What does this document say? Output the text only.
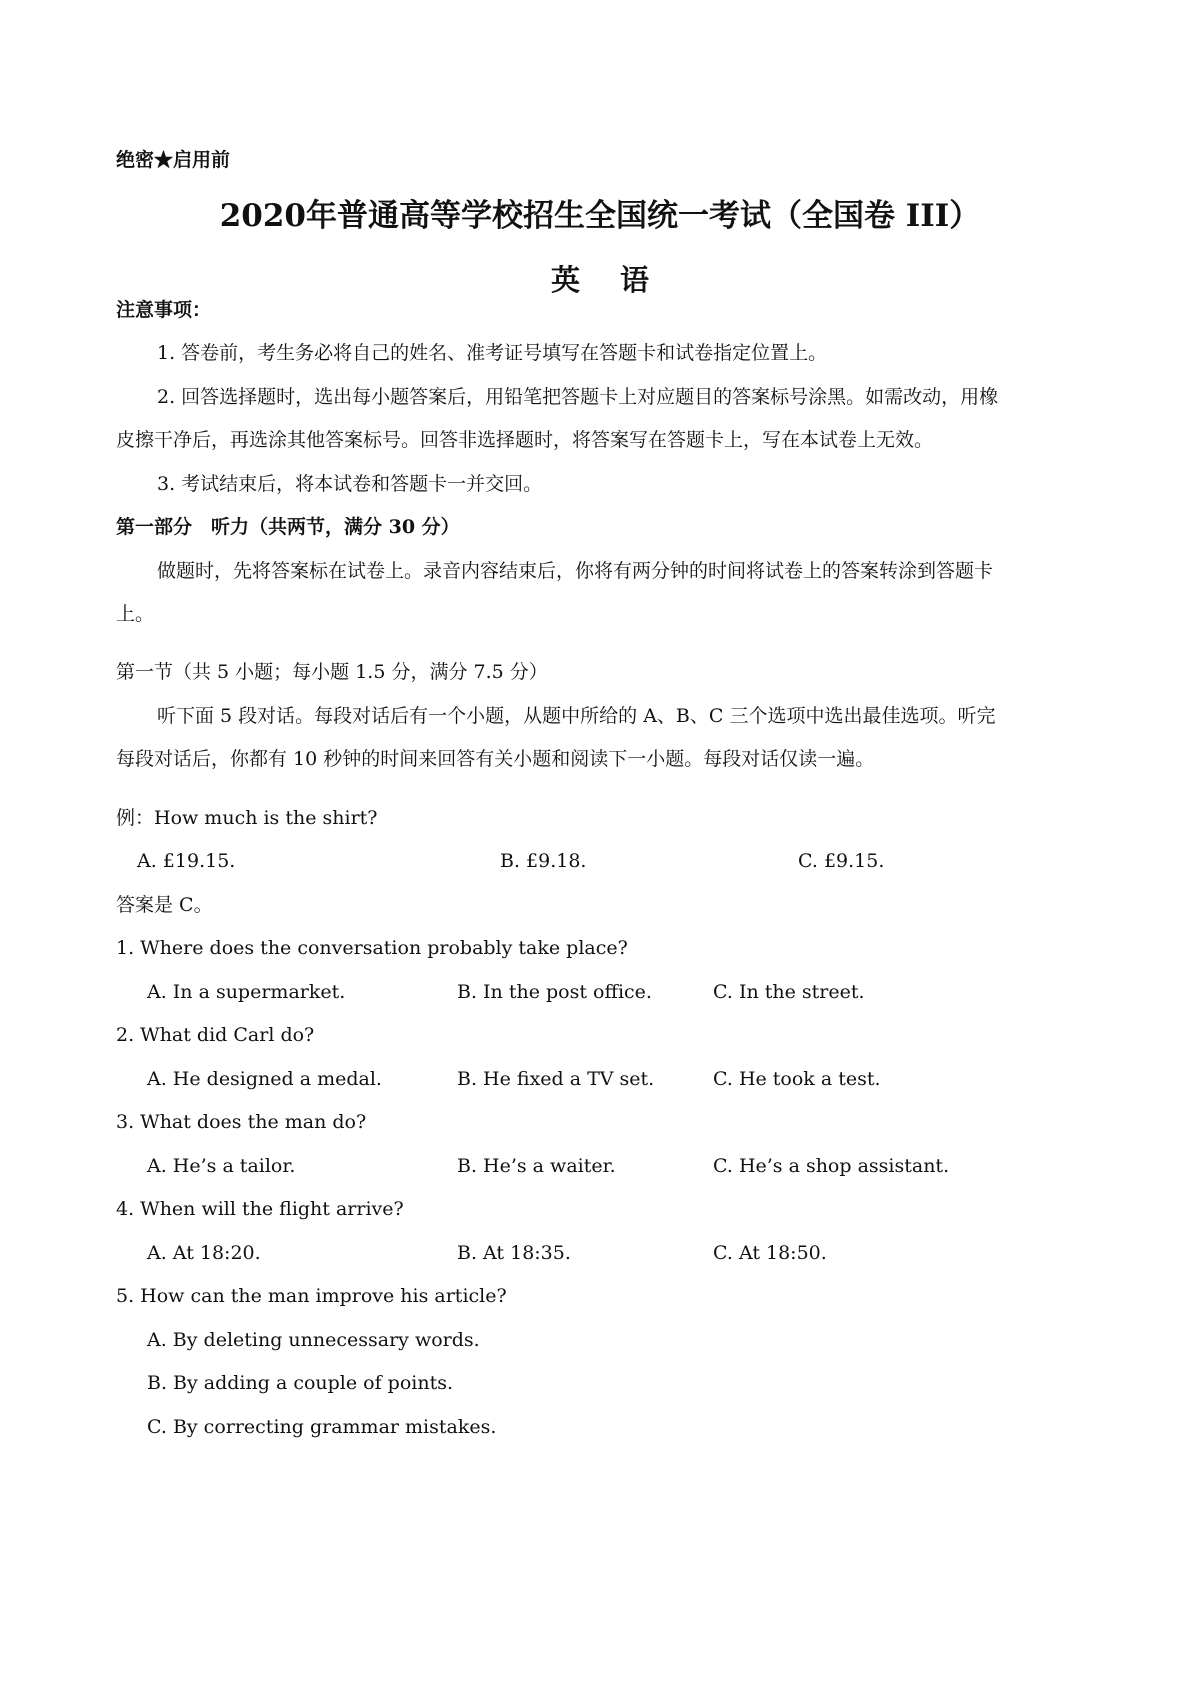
绝密★启用前
2020年普通高等学校招生全国统一考试（全国卷 III）
英语
注意事项：
1. 答卷前，考生务必将自己的姓名、准考证号填写在答题卡和试卷指定位置上。
2. 回答选择题时，选出每小题答案后，用铅笔把答题卡上对应题目的答案标号涂黑。如需改动，用橡
皮擦干净后，再选涂其他答案标号。回答非选择题时，将答案写在答题卡上，写在本试卷上无效。
3. 考试结束后，将本试卷和答题卡一并交回。
第一部分　听力（共两节，满分 30 分）
做题时，先将答案标在试卷上。录音内容结束后，你将有两分钟的时间将试卷上的答案转涂到答题卡
上。
第一节（共 5 小题；每小题 1.5 分，满分 7.5 分）
听下面 5 段对话。每段对话后有一个小题，从题中所给的 A、B、C 三个选项中选出最佳选项。听完
每段对话后，你都有 10 秒钟的时间来回答有关小题和阅读下一小题。每段对话仅读一遍。
例：How much is the shirt?
A. £19.15.	B. £9.18.	C. £9.15.
答案是 C。
1. Where does the conversation probably take place?
A. In a supermarket.	B. In the post office.	C. In the street.
2. What did Carl do?
A. He designed a medal.	B. He fixed a TV set.	C. He took a test.
3. What does the man do?
A. He’s a tailor.	B. He’s a waiter.	C. He’s a shop assistant.
4. When will the flight arrive?
A. At 18:20.	B. At 18:35.	C. At 18:50.
5. How can the man improve his article?
A. By deleting unnecessary words.
B. By adding a couple of points.
C. By correcting grammar mistakes.
